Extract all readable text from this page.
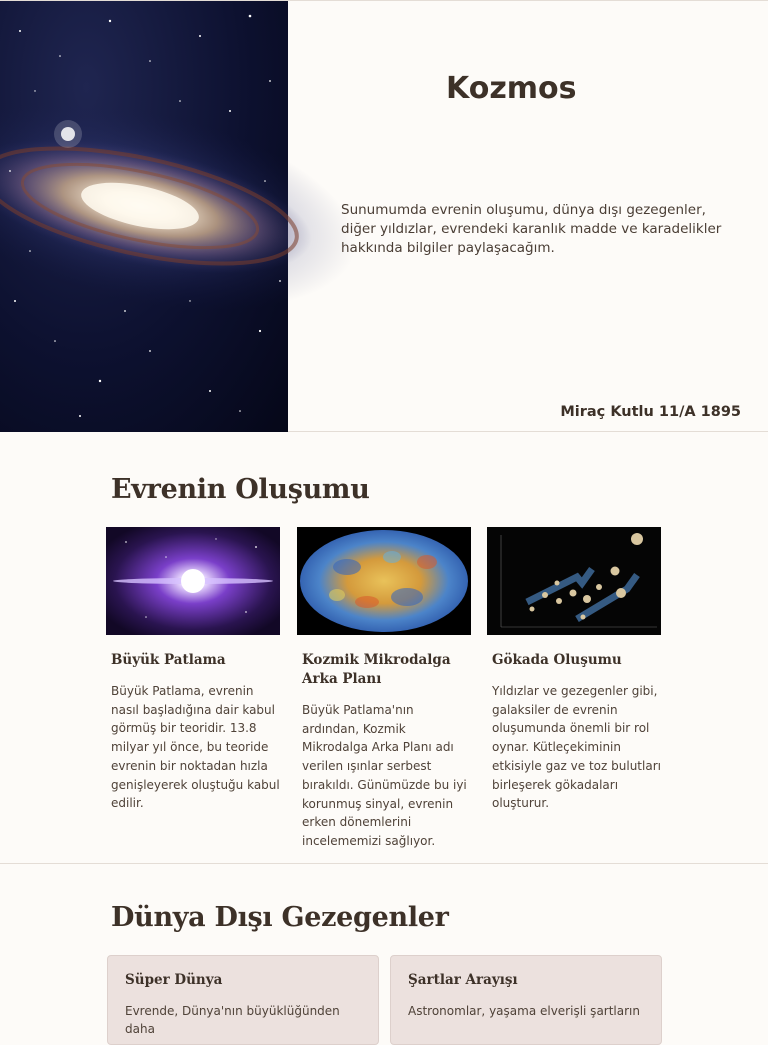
Kozmos
Sunumumda evrenin oluşumu, dünya dışı gezegenler, diğer yıldızlar, evrendeki karanlık madde ve karadelikler hakkında bilgiler paylaşacağım.
Miraç Kutlu 11/A 1895
Evrenin Oluşumu
Büyük Patlama
Büyük Patlama, evrenin nasıl başladığına dair kabul görmüş bir teoridir. 13.8 milyar yıl önce, bu teoride evrenin bir noktadan hızla genişleyerek oluştuğu kabul edilir.
Kozmik Mikrodalga Arka Planı
Büyük Patlama'nın ardından, Kozmik Mikrodalga Arka Planı adı verilen ışınlar serbest bırakıldı. Günümüzde bu iyi korunmuş sinyal, evrenin erken dönemlerini incelememizi sağlıyor.
Gökada Oluşumu
Yıldızlar ve gezegenler gibi, galaksiler de evrenin oluşumunda önemli bir rol oynar. Kütleçekiminin etkisiyle gaz ve toz bulutları birleşerek gökadaları oluşturur.
Dünya Dışı Gezegenler
Süper Dünya
Evrende, Dünya'nın büyüklüğünden daha
Şartlar Arayışı
Astronomlar, yaşama elverişli şartların
